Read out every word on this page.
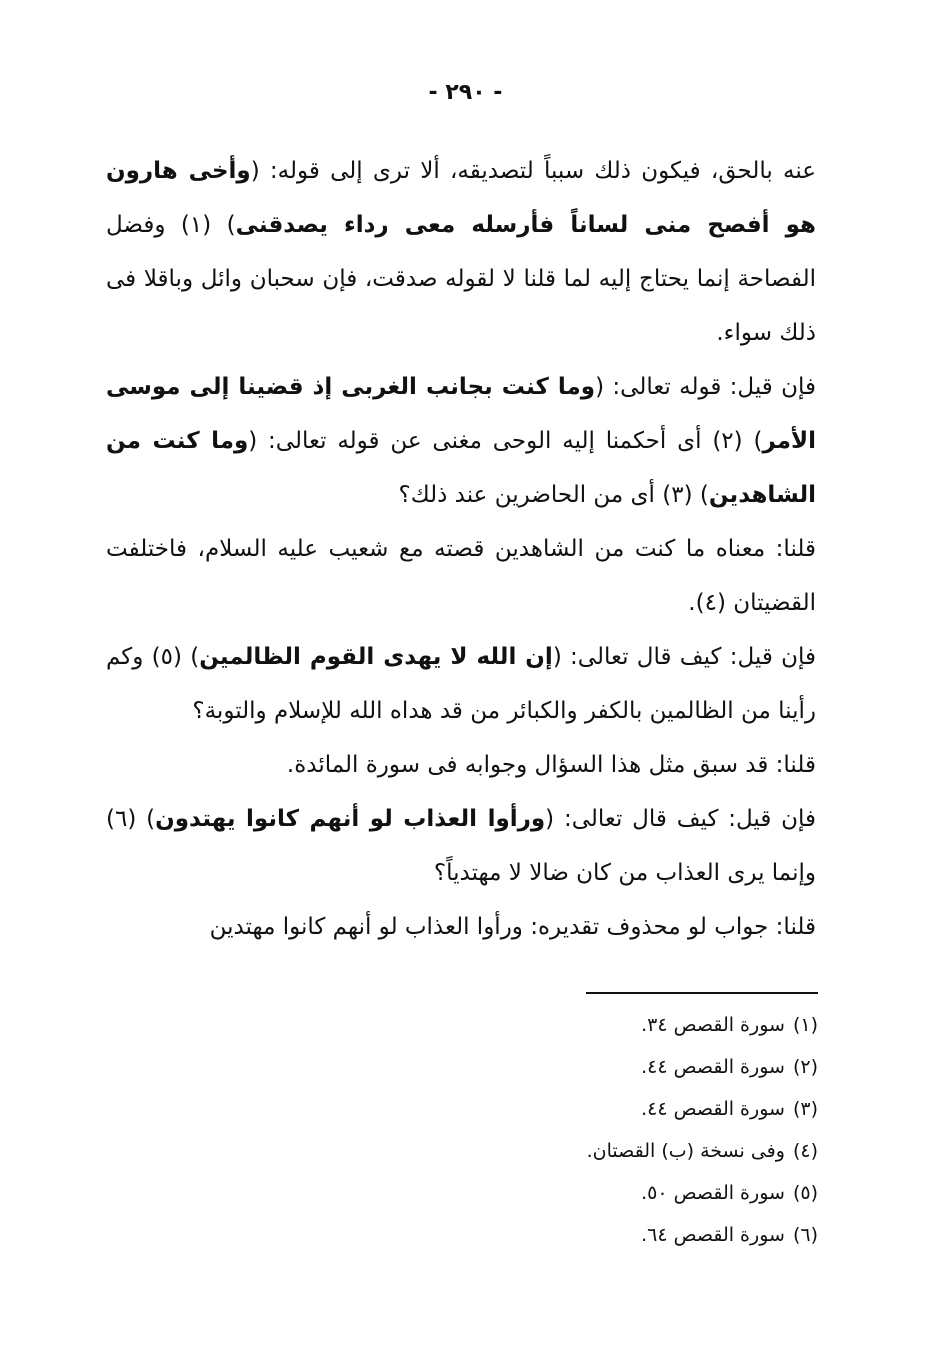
- ٢٩٠ -

عنه بالحق، فيكون ذلك سبباً لتصديقه، ألا ترى إلى قوله: (وأخى هارون هو أفصح منى لساناً فأرسله معى رداء يصدقنى) (١) وفضل الفصاحة إنما يحتاج إليه لما قلنا لا لقوله صدقت، فإن سحبان وائل وباقلا فى ذلك سواء.

فإن قيل: قوله تعالى: (وما كنت بجانب الغربى إذ قضينا إلى موسى الأمر) (٢) أى أحكمنا إليه الوحى مغنى عن قوله تعالى: (وما كنت من الشاهدين) (٣) أى من الحاضرين عند ذلك؟

قلنا: معناه ما كنت من الشاهدين قصته مع شعيب عليه السلام، فاختلفت القضيتان (٤).

فإن قيل: كيف قال تعالى: (إن الله لا يهدى القوم الظالمين) (٥) وكم رأينا من الظالمين بالكفر والكبائر من قد هداه الله للإسلام والتوبة؟

قلنا: قد سبق مثل هذا السؤال وجوابه فى سورة المائدة.

فإن قيل: كيف قال تعالى: (ورأوا العذاب لو أنهم كانوا يهتدون) (٦) وإنما يرى العذاب من كان ضالا لا مهتدياً؟

قلنا: جواب لو محذوف تقديره: ورأوا العذاب لو أنهم كانوا مهتدين

(١)سورة القصص ٣٤.
(٢)سورة القصص ٤٤.
(٣)سورة القصص ٤٤.
(٤)وفى نسخة (ب) القصتان.
(٥)سورة القصص ٥٠.
(٦)سورة القصص ٦٤.
